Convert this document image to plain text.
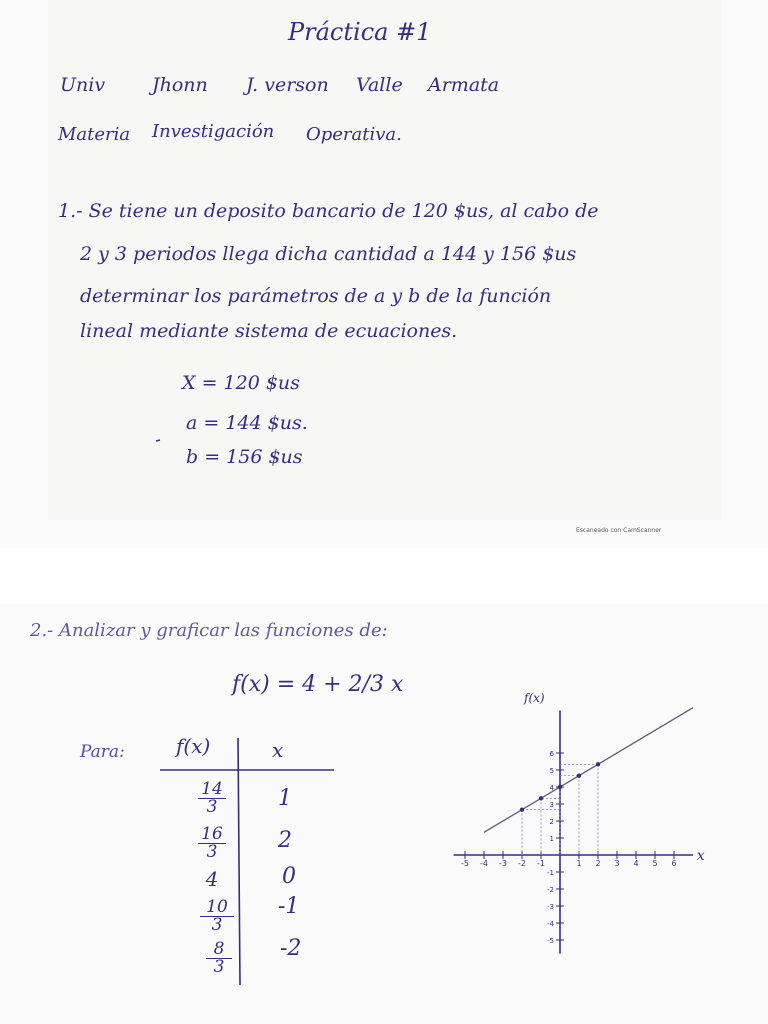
Práctica #1
Univ Jhonn J. verson Valle Armata
Materia Investigación Operativa.
1.- Se tiene un deposito bancario de 120 $us, al cabo de
2 y 3 periodos llega dicha cantidad a 144 y 156 $us
determinar los parámetros de a y b de la función
lineal mediante sistema de ecuaciones.
X = 120 $us
a = 144 $us.
b = 156 $us
Escaneado con CamScanner
2.- Analizar y graficar las funciones de:
f(x) = 4 + 2/3 x
Para:	f(x)	x
$\frac{14}{3} 1$
$\frac{16}{3} 2$
4	0
$\frac{10}{3} -1$
$\frac{8}{3} -2$
-5 -4 -3 -2 -1	1 2 3 4 5 6
6
5
4
3
2
1
-1
-2
-3
-4
-5
x
f(x)
